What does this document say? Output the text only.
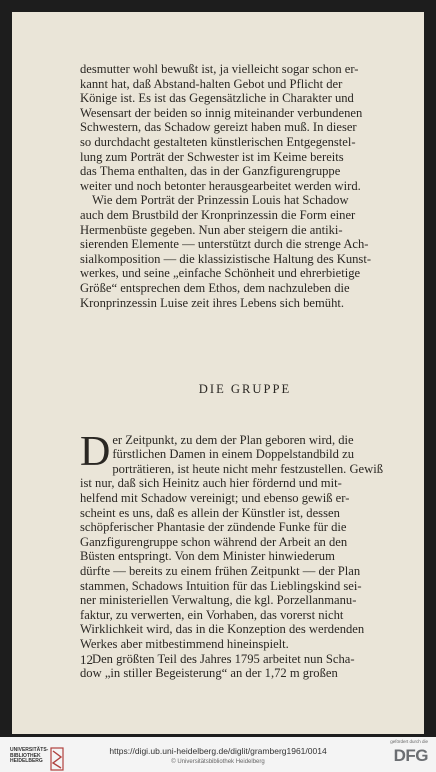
desmutter wohl bewußt ist, ja vielleicht sogar schon er-

kannt hat, daß Abstand-halten Gebot und Pflicht der

Könige ist. Es ist das Gegensätzliche in Charakter und

Wesensart der beiden so innig miteinander verbundenen

Schwestern, das Schadow gereizt haben muß. In dieser

so durchdacht gestalteten künstlerischen Entgegenstel-

lung zum Porträt der Schwester ist im Keime bereits

das Thema enthalten, das in der Ganzfigurengruppe

weiter und noch betonter herausgearbeitet werden wird.

Wie dem Porträt der Prinzessin Louis hat Schadow

auch dem Brustbild der Kronprinzessin die Form einer

Hermenbüste gegeben. Nun aber steigern die antiki-

sierenden Elemente — unterstützt durch die strenge Ach-

sialkomposition — die klassizistische Haltung des Kunst-

werkes, und seine „einfache Schönheit und ehrerbietige

Größe“ entsprechen dem Ethos, dem nachzuleben die

Kronprinzessin Luise zeit ihres Lebens sich bemüht.

DIE GRUPPE

Der Zeitpunkt, zu dem der Plan geboren wird, die

fürstlichen Damen in einem Doppelstandbild zu

porträtieren, ist heute nicht mehr festzustellen. Gewiß

ist nur, daß sich Heinitz auch hier fördernd und mit-

helfend mit Schadow vereinigt; und ebenso gewiß er-

scheint es uns, daß es allein der Künstler ist, dessen

schöpferischer Phantasie der zündende Funke für die

Ganzfigurengruppe schon während der Arbeit an den

Büsten entspringt. Von dem Minister hinwiederum

dürfte — bereits zu einem frühen Zeitpunkt — der Plan

stammen, Schadows Intuition für das Lieblingskind sei-

ner ministeriellen Verwaltung, die kgl. Porzellanmanu-

faktur, zu verwerten, ein Vorhaben, das vorerst nicht

Wirklichkeit wird, das in die Konzeption des werdenden

Werkes aber mitbestimmend hineinspielt.

Den größten Teil des Jahres 1795 arbeitet nun Scha-

dow „in stiller Begeisterung“ an der 1,72 m großen

12
UNIVERSITÄTS-
BIBLIOTHEK
HEIDELBERG
https://digi.ub.uni-heidelberg.de/diglit/gramberg1961/0014
© Universitätsbibliothek Heidelberg
gefördert durch die
DFG
